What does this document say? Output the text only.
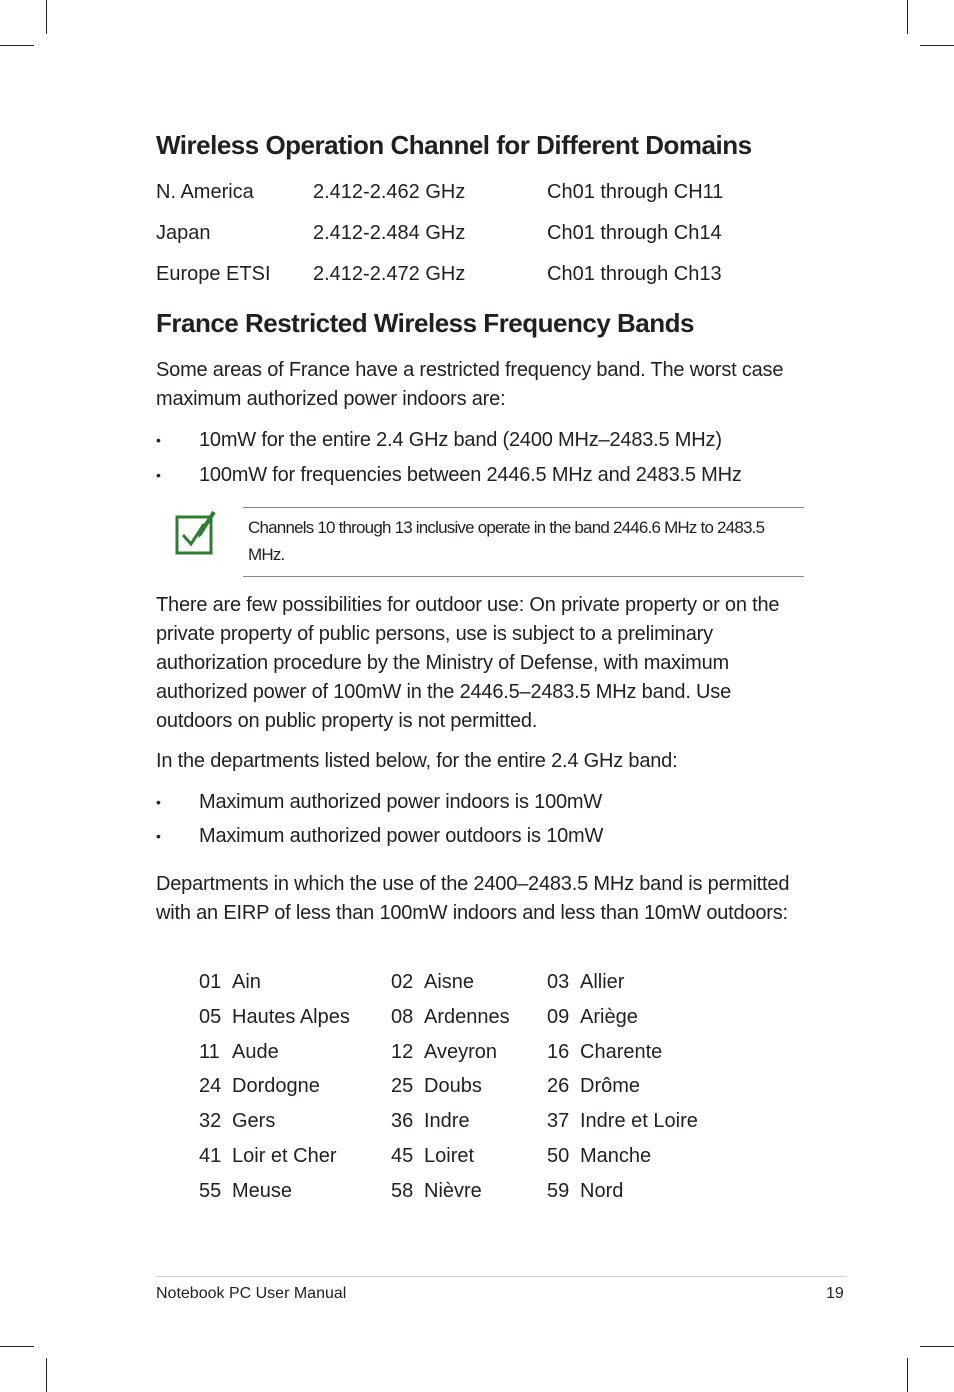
Wireless Operation Channel for Different Domains
N. America	2.412-2.462 GHz	Ch01 through CH11
Japan	2.412-2.484 GHz	Ch01 through Ch14
Europe ETSI 2.412-2.472 GHz	Ch01 through Ch13
France Restricted Wireless Frequency Bands
Some areas of France have a restricted frequency band. The worst case maximum authorized power indoors are:
• 10mW for the entire 2.4 GHz band (2400 MHz–2483.5 MHz)
• 100mW for frequencies between 2446.5 MHz and 2483.5 MHz
Channels 10 through 13 inclusive operate in the band 2446.6 MHz to 2483.5 MHz.
There are few possibilities for outdoor use: On private property or on the private property of public persons, use is subject to a preliminary authorization procedure by the Ministry of Defense, with maximum authorized power of 100mW in the 2446.5–2483.5 MHz band. Use outdoors on public property is not permitted.
In the departments listed below, for the entire 2.4 GHz band:
• Maximum authorized power indoors is 100mW
• Maximum authorized power outdoors is 10mW
Departments in which the use of the 2400–2483.5 MHz band is permitted with an EIRP of less than 100mW indoors and less than 10mW outdoors:
01 Ain	02 Aisne	03 Allier
05 Hautes Alpes 08 Ardennes 09 Ariège
11 Aude	12 Aveyron 16 Charente
24 Dordogne	25 Doubs	26 Drôme
32 Gers	36 Indre	37 Indre et Loire
41 Loir et Cher	45 Loiret	50 Manche
55 Meuse	58 Nièvre	59 Nord
Notebook PC User Manual	19
